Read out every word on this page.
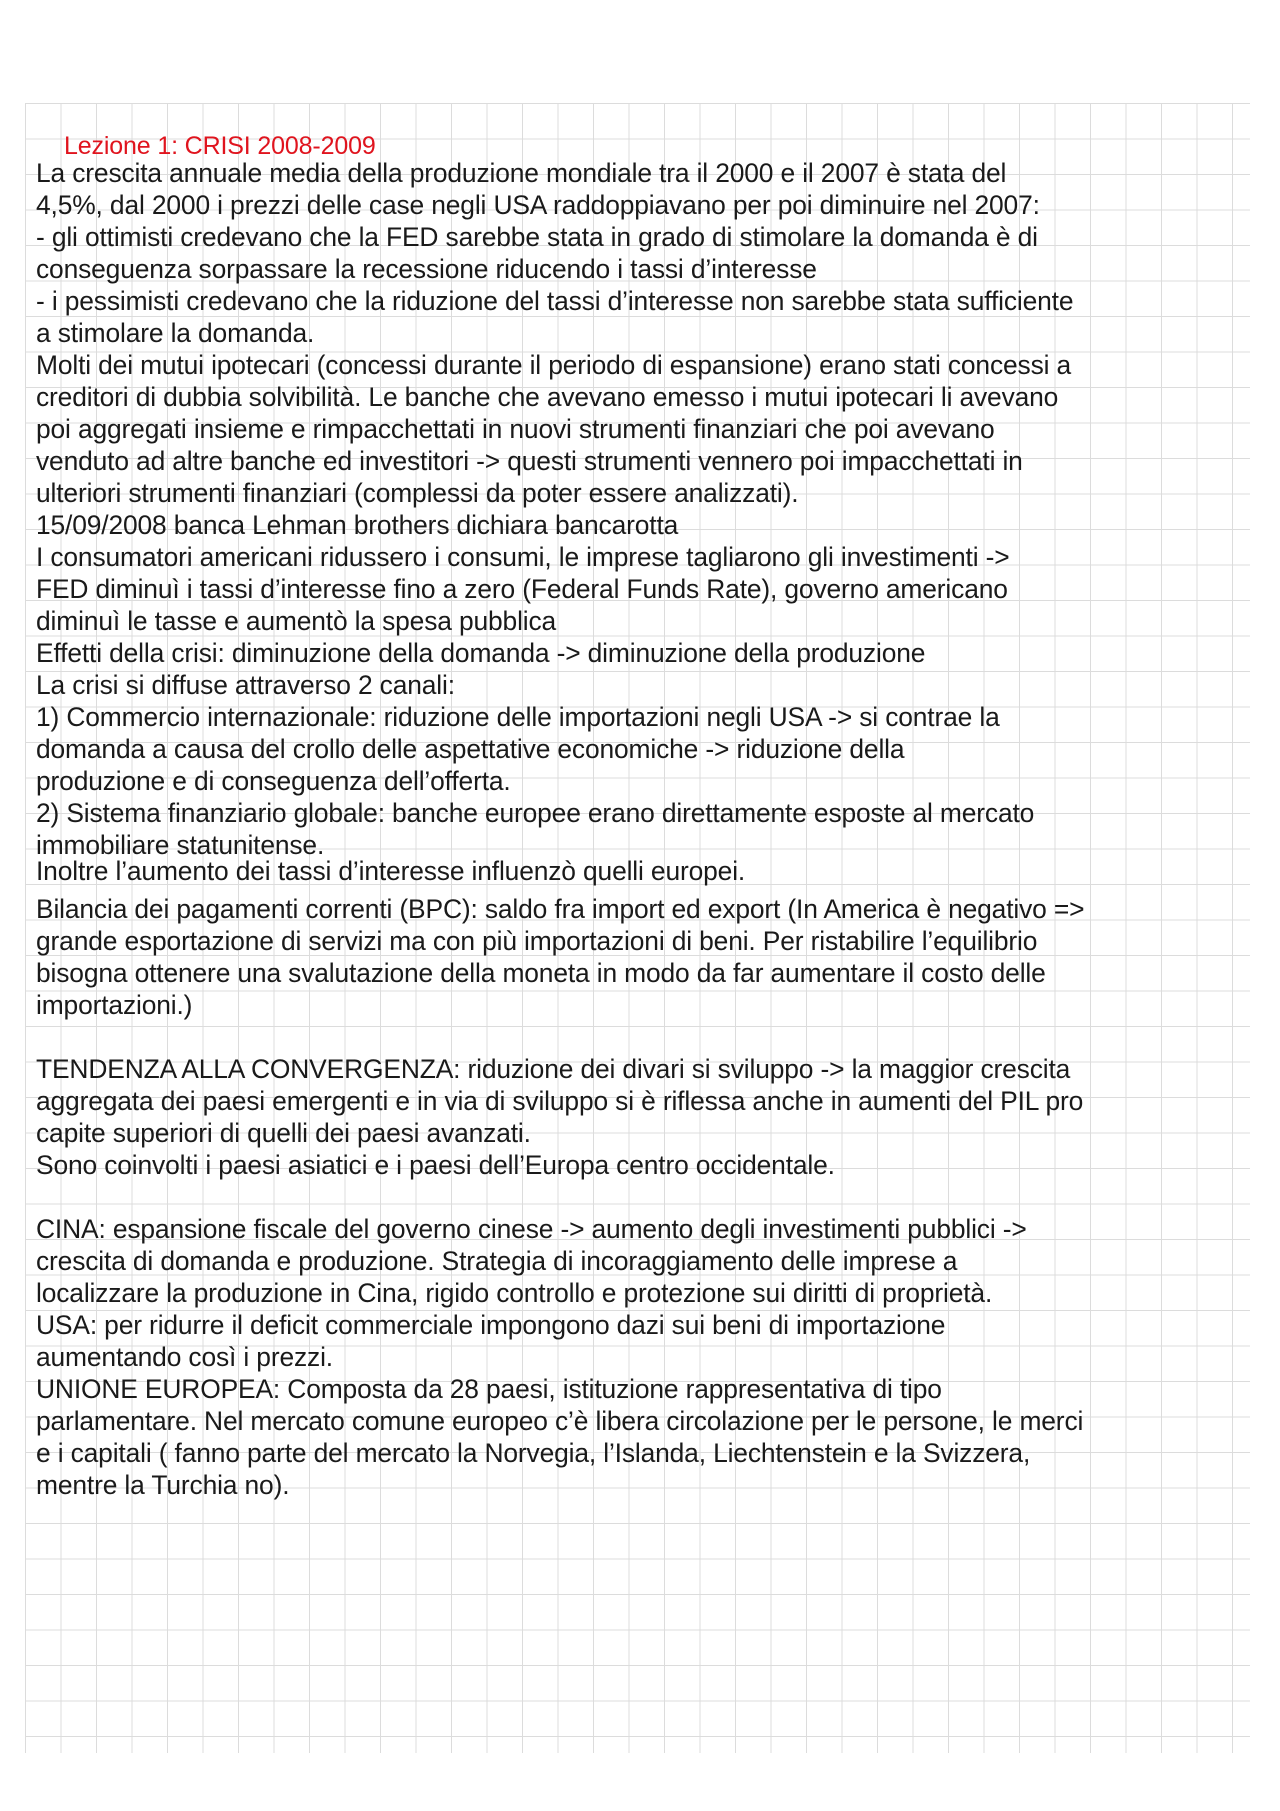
Lezione 1: CRISI 2008-2009
La crescita annuale media della produzione mondiale tra il 2000 e il 2007 è stata del
4,5%, dal 2000 i prezzi delle case negli USA raddoppiavano per poi diminuire nel 2007:
- gli ottimisti credevano che la FED sarebbe stata in grado di stimolare la domanda è di
conseguenza sorpassare la recessione riducendo i tassi d’interesse
- i pessimisti credevano che la riduzione del tassi d’interesse non sarebbe stata sufficiente
a stimolare la domanda.
Molti dei mutui ipotecari (concessi durante il periodo di espansione) erano stati concessi a
creditori di dubbia solvibilità. Le banche che avevano emesso i mutui ipotecari li avevano
poi aggregati insieme e rimpacchettati in nuovi strumenti finanziari che poi avevano
venduto ad altre banche ed investitori -> questi strumenti vennero poi impacchettati in
ulteriori strumenti finanziari (complessi da poter essere analizzati).
15/09/2008 banca Lehman brothers dichiara bancarotta
I consumatori americani ridussero i consumi, le imprese tagliarono gli investimenti ->
FED diminuì i tassi d’interesse fino a zero (Federal Funds Rate), governo americano
diminuì le tasse e aumentò la spesa pubblica
Effetti della crisi: diminuzione della domanda -> diminuzione della produzione
La crisi si diffuse attraverso 2 canali:
1) Commercio internazionale: riduzione delle importazioni negli USA -> si contrae la
domanda a causa del crollo delle aspettative economiche -> riduzione della
produzione e di conseguenza dell’offerta.
2) Sistema finanziario globale: banche europee erano direttamente esposte al mercato
immobiliare statunitense.
Inoltre l’aumento dei tassi d’interesse influenzò quelli europei.
Bilancia dei pagamenti correnti (BPC): saldo fra import ed export (In America è negativo =>
grande esportazione di servizi ma con più importazioni di beni. Per ristabilire l’equilibrio
bisogna ottenere una svalutazione della moneta in modo da far aumentare il costo delle
importazioni.)
TENDENZA ALLA CONVERGENZA: riduzione dei divari si sviluppo -> la maggior crescita
aggregata dei paesi emergenti e in via di sviluppo si è riflessa anche in aumenti del PIL pro
capite superiori di quelli dei paesi avanzati.
Sono coinvolti i paesi asiatici e i paesi dell’Europa centro occidentale.
CINA: espansione fiscale del governo cinese -> aumento degli investimenti pubblici ->
crescita di domanda e produzione. Strategia di incoraggiamento delle imprese a
localizzare la produzione in Cina, rigido controllo e protezione sui diritti di proprietà.
USA: per ridurre il deficit commerciale impongono dazi sui beni di importazione
aumentando così i prezzi.
UNIONE EUROPEA: Composta da 28 paesi, istituzione rappresentativa di tipo
parlamentare. Nel mercato comune europeo c’è libera circolazione per le persone, le merci
e i capitali ( fanno parte del mercato la Norvegia, l’Islanda, Liechtenstein e la Svizzera,
mentre la Turchia no).
